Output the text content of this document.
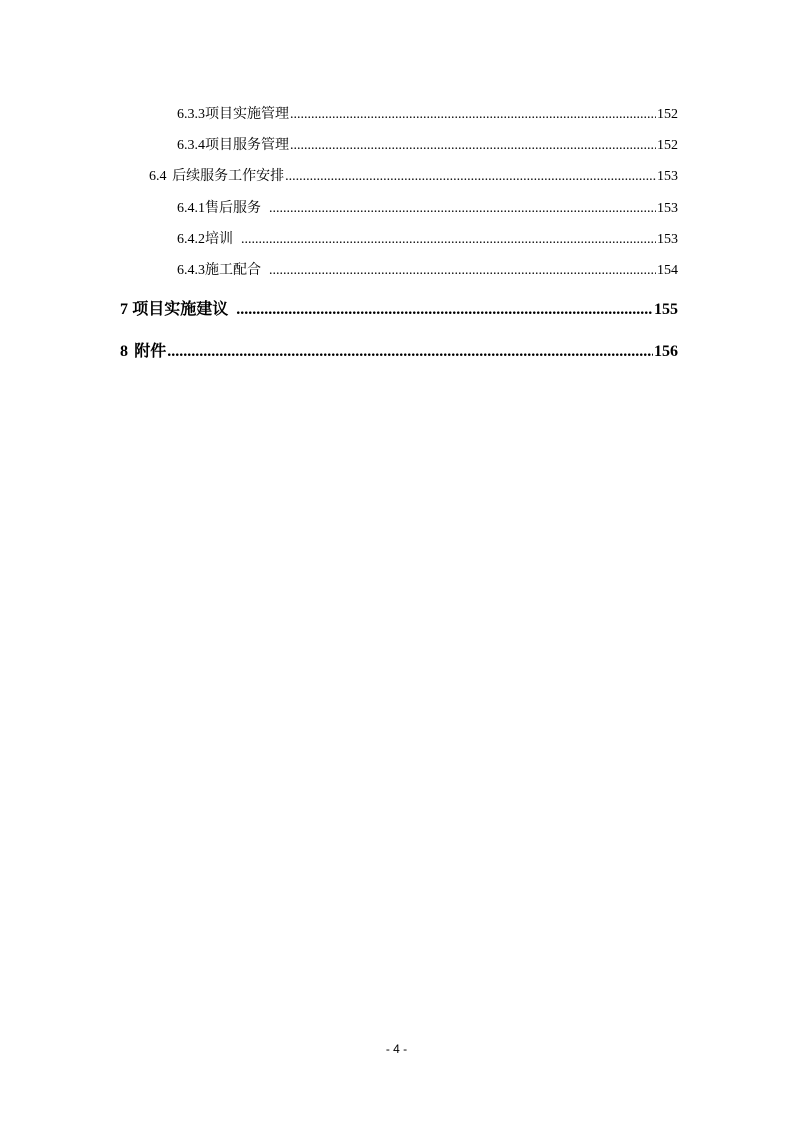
6.3.3 项目实施管理 .....	152
6.3.4 项目服务管理 .....	152
6.4 后续服务工作安排 .....	153
6.4.1 售后服务 .....	153
6.4.2 培训 .....	153
6.4.3 施工配合 .....	154
7 项目实施建议 .....	155
8 附件 .....	156
- 4 -
